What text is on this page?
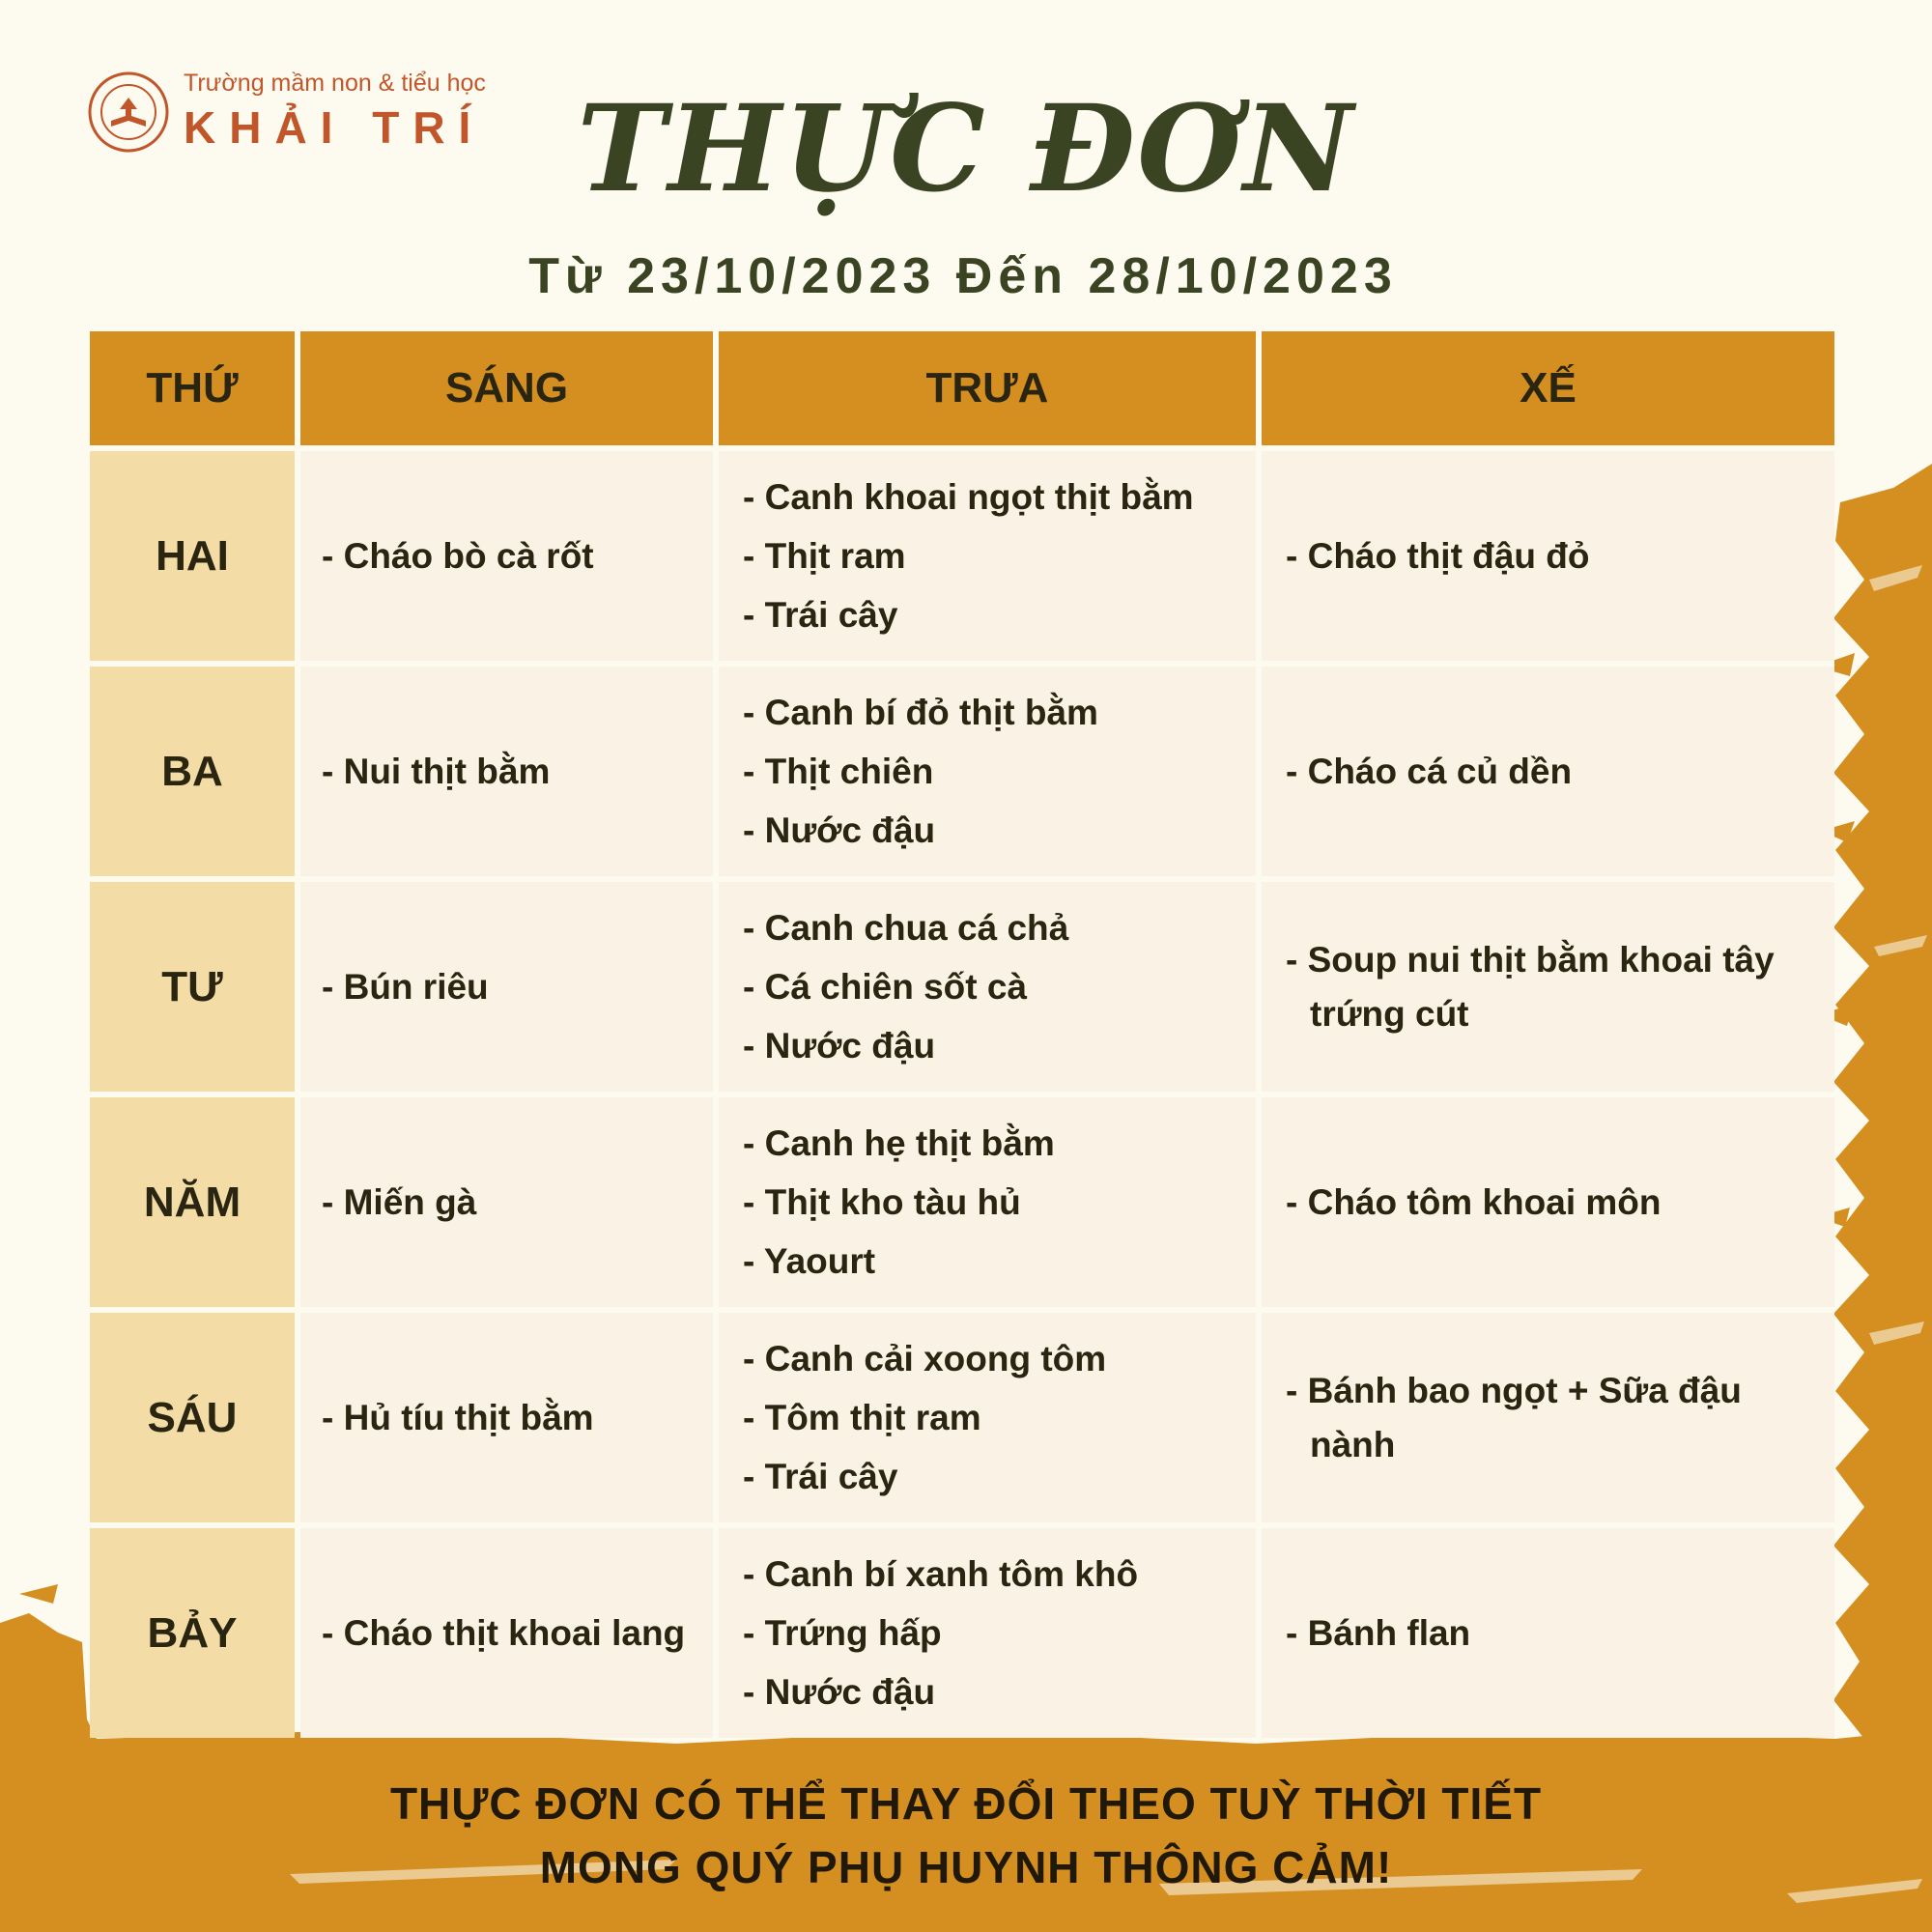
Trường mầm non & tiểu học
KHẢI TRÍ THỰC ĐƠN
Từ 23/10/2023 Đến 28/10/2023
THỨ	SÁNG	TRƯA	XẾ
HAI	- Cháo bò cà rốt	- Canh khoai ngọt thịt bằm
- Thịt ram
- Trái cây	- Cháo thịt đậu đỏ

BA	- Nui thịt bằm	- Canh bí đỏ thịt bằm
- Thịt chiên
- Nước đậu	- Cháo cá củ dền

TƯ	- Bún riêu	- Canh chua cá chả
- Cá chiên sốt cà
- Nước đậu	- Soup nui thịt bằm khoai tây trứng cút

NĂM	- Miến gà	- Canh hẹ thịt bằm
- Thịt kho tàu hủ
- Yaourt	- Cháo tôm khoai môn

SÁU	- Hủ tíu thịt bằm	- Canh cải xoong tôm
- Tôm thịt ram
- Trái cây	- Bánh bao ngọt + Sữa đậu nành

BẢY	- Cháo thịt khoai lang	- Canh bí xanh tôm khô
- Trứng hấp
- Nước đậu	- Bánh flan
THỰC ĐƠN CÓ THỂ THAY ĐỔI THEO TUỲ THỜI TIẾT
MONG QUÝ PHỤ HUYNH THÔNG CẢM!
